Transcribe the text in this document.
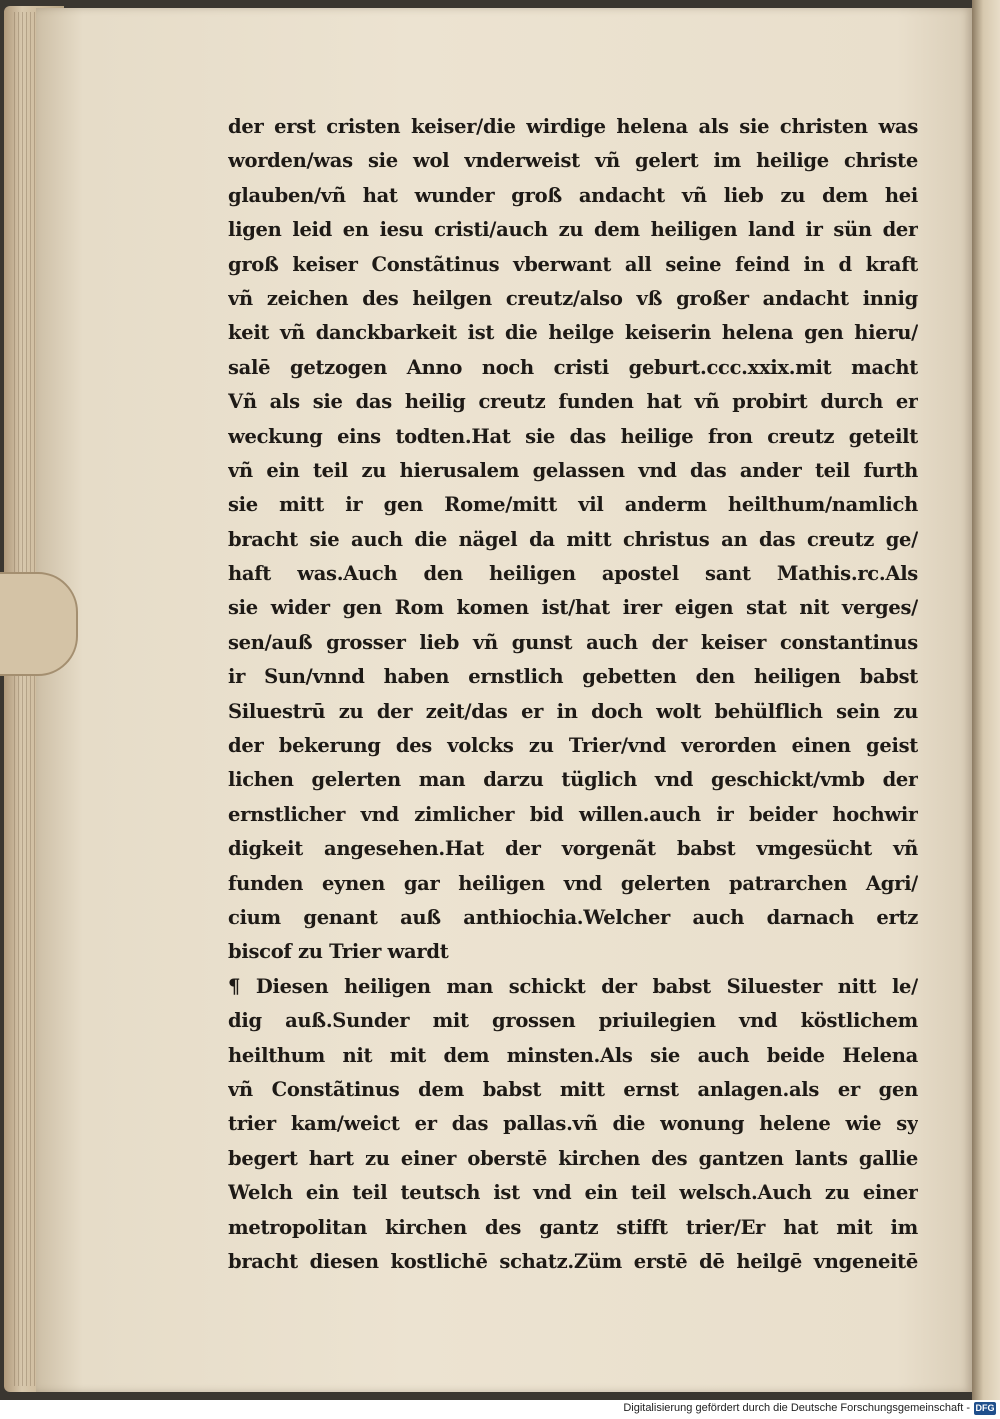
der erst cristen keiser/die wirdige helena als sie christen was
worden/was sie wol vnderweist vñ gelert im heilige christe
glauben/vñ hat wunder groß andacht vñ lieb zu dem hei
ligen leid en iesu cristi/auch zu dem heiligen land ir sün der
groß keiser Constãtinus vberwant all seine feind in d kraft
vñ zeichen des heilgen creutz/also vß großer andacht innig
keit vñ danckbarkeit ist die heilge keiserin helena gen hieru/
salē getzogen Anno noch cristi geburt.ccc.xxix.mit macht
Vñ als sie das heilig creutz funden hat vñ probirt durch er
weckung eins todten.Hat sie das heilige fron creutz geteilt
vñ ein teil zu hierusalem gelassen vnd das ander teil furth
sie mitt ir gen Rome/mitt vil anderm heilthum/namlich
bracht sie auch die nägel da mitt christus an das creutz ge/
haft was.Auch den heiligen apostel sant Mathis.rc.Als
sie wider gen Rom komen ist/hat irer eigen stat nit verges/
sen/auß grosser lieb vñ gunst auch der keiser constantinus
ir Sun/vnnd haben ernstlich gebetten den heiligen babst
Siluestrū zu der zeit/das er in doch wolt behülflich sein zu
der bekerung des volcks zu Trier/vnd verorden einen geist
lichen gelerten man darzu tüglich vnd geschickt/vmb der
ernstlicher vnd zimlicher bid willen.auch ir beider hochwir
digkeit angesehen.Hat der vorgenãt babst vmgesücht vñ
funden eynen gar heiligen vnd gelerten patrarchen Agri/
cium genant auß anthiochia.Welcher auch darnach ertz
biscof zu Trier wardt
¶ Diesen heiligen man schickt der babst Siluester nitt le/
dig auß.Sunder mit grossen priuilegien vnd köstlichem
heilthum nit mit dem minsten.Als sie auch beide Helena
vñ Constãtinus dem babst mitt ernst anlagen.als er gen
trier kam/weict er das pallas.vñ die wonung helene wie sy
begert hart zu einer oberstē kirchen des gantzen lants gallie
Welch ein teil teutsch ist vnd ein teil welsch.Auch zu einer
metropolitan kirchen des gantz stifft trier/Er hat mit im
bracht diesen kostlichē schatz.Züm erstē dē heilgē vngeneitē
Digitalisierung gefördert durch die Deutsche Forschungsgemeinschaft - DFG
